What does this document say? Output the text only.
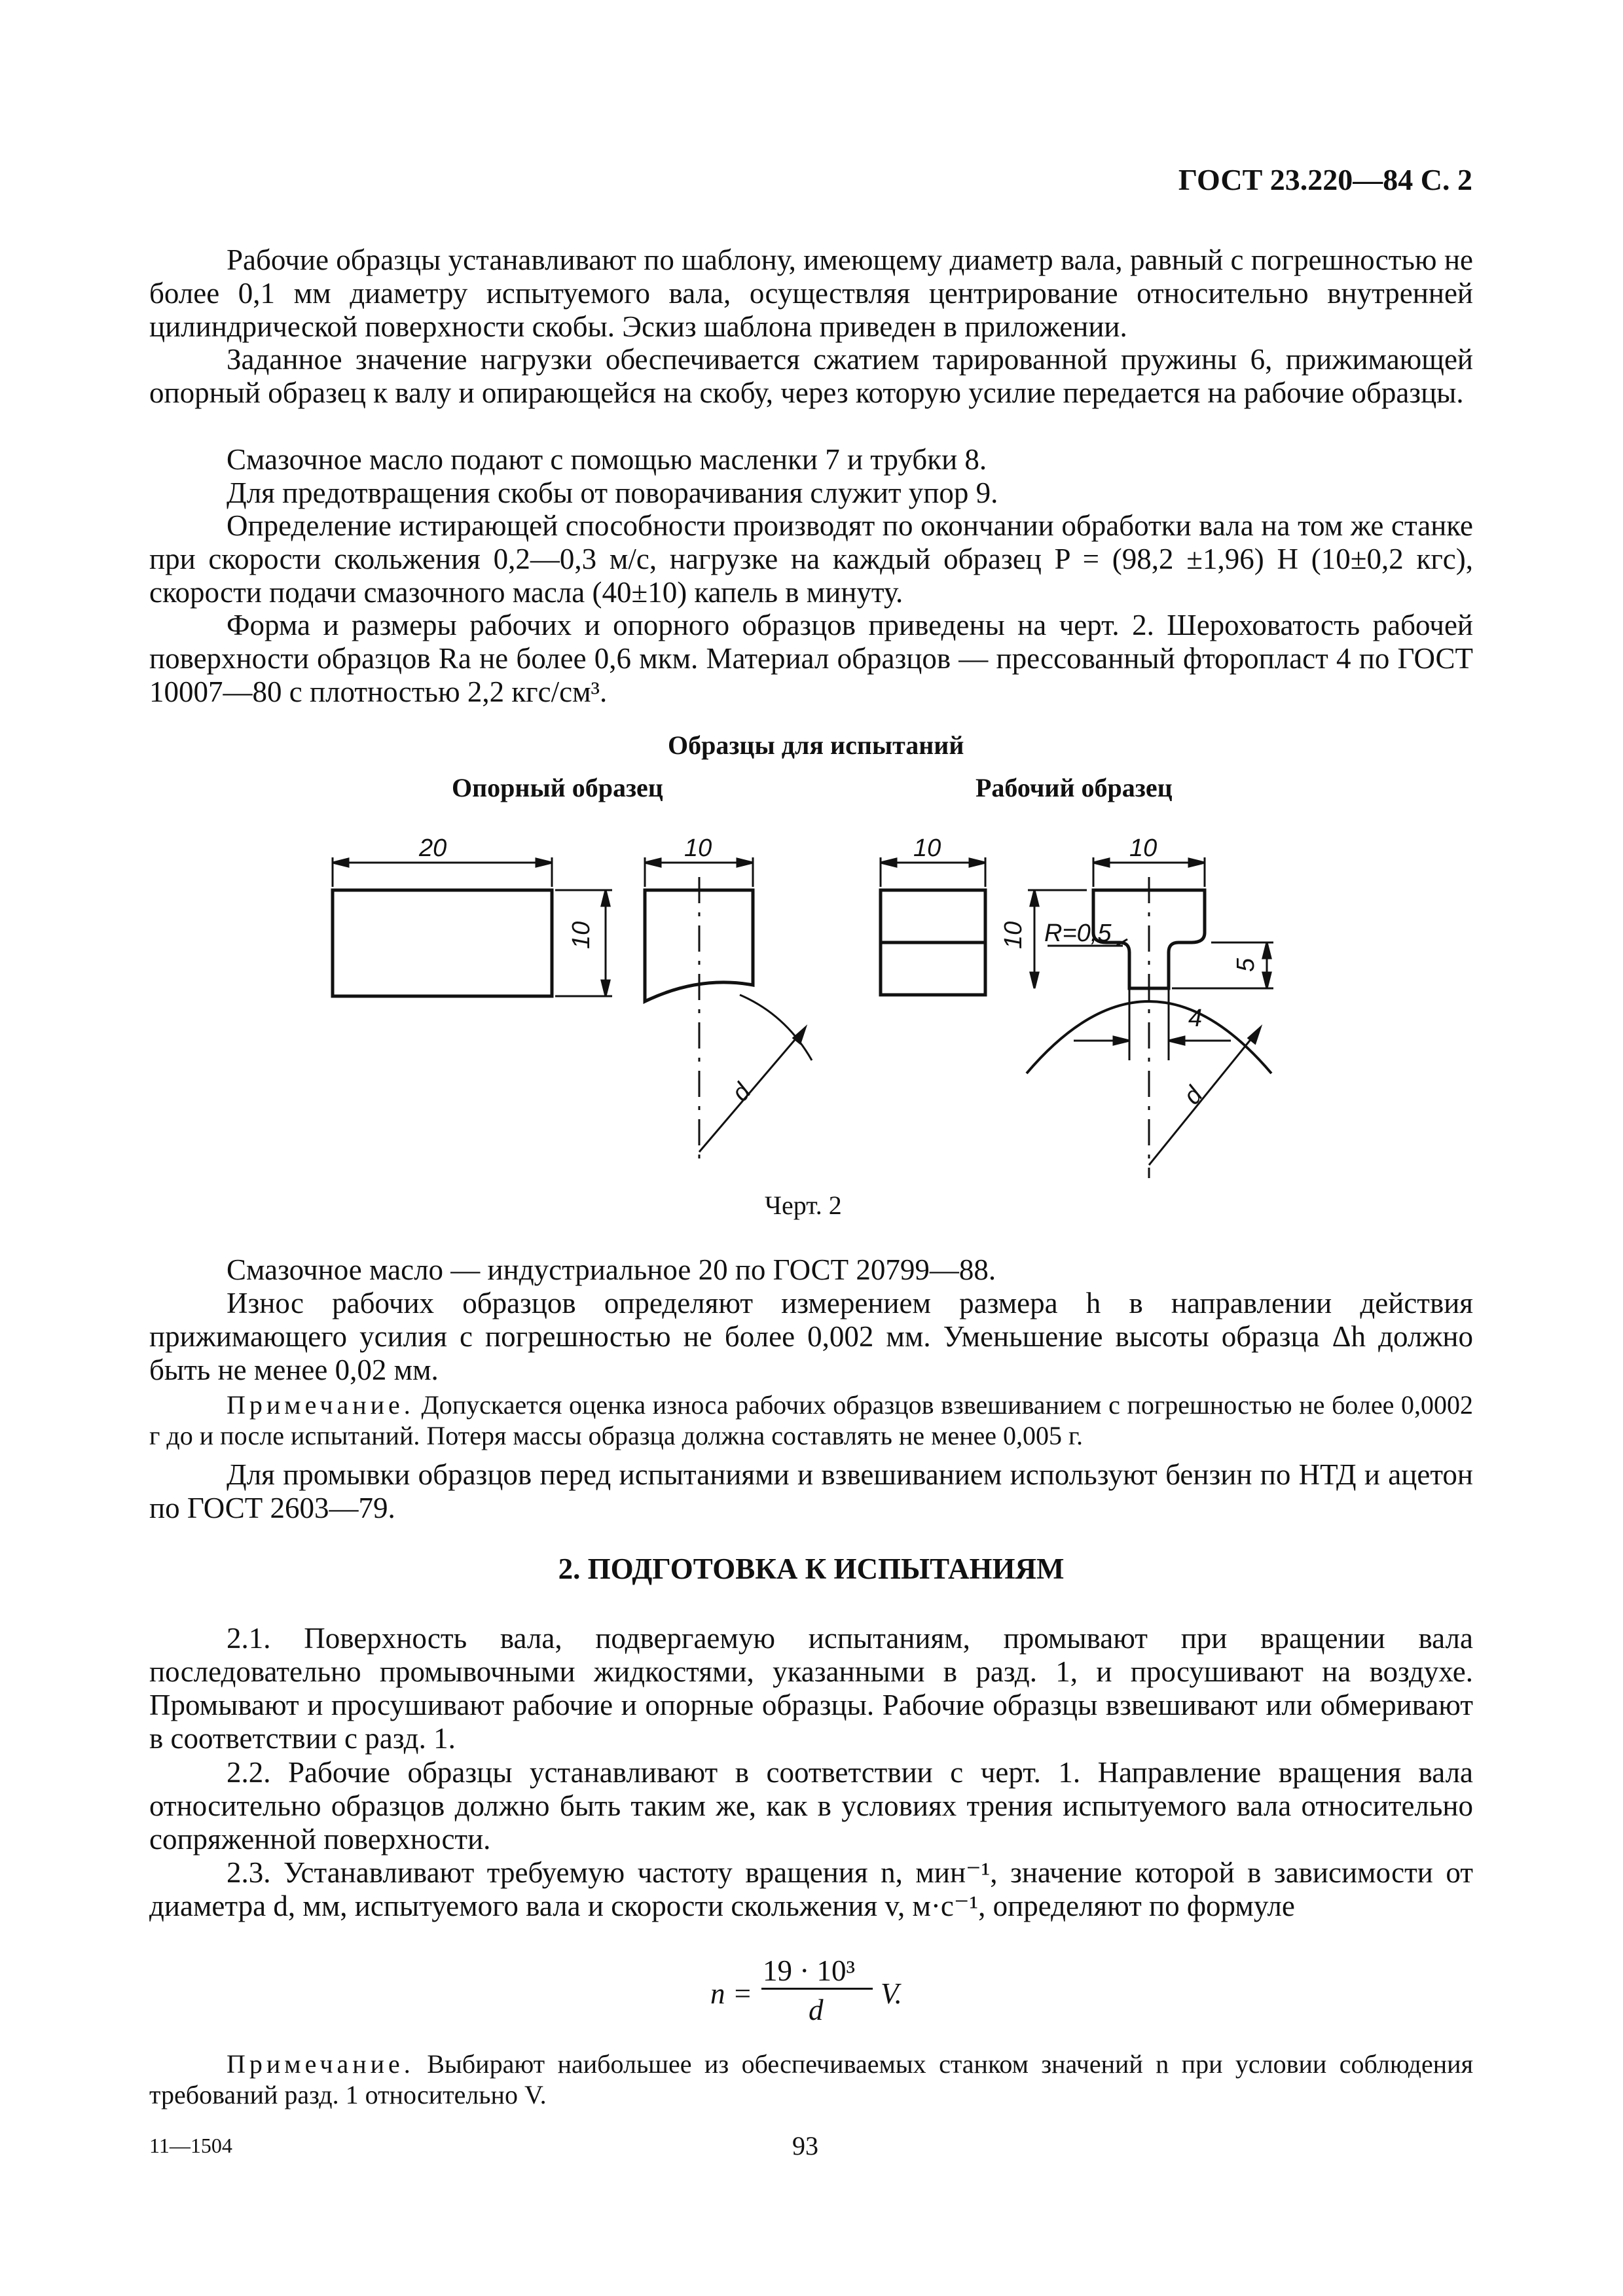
ГОСТ 23.220—84 С. 2

Рабочие образцы устанавливают по шаблону, имеющему диаметр вала, равный с погрешностью не более 0,1 мм диаметру испытуемого вала, осуществляя центрирование относительно внутренней цилиндрической поверхности скобы. Эскиз шаблона приведен в приложении.

Заданное значение нагрузки обеспечивается сжатием тарированной пружины 6, прижимающей опорный образец к валу и опирающейся на скобу, через которую усилие передается на рабочие образцы.

Смазочное масло подают с помощью масленки 7 и трубки 8.

Для предотвращения скобы от поворачивания служит упор 9.

Определение истирающей способности производят по окончании обработки вала на том же станке при скорости скольжения 0,2—0,3 м/с, нагрузке на каждый образец P = (98,2 ±1,96) Н (10±0,2 кгс), скорости подачи смазочного масла (40±10) капель в минуту.

Форма и размеры рабочих и опорного образцов приведены на черт. 2. Шероховатость рабочей поверхности образцов Ra не более 0,6 мкм. Материал образцов — прессованный фторопласт 4 по ГОСТ 10007—80 с плотностью 2,2 кгс/см³.

Образцы для испытаний
Опорный образец	Рабочий образец
20	10	10	10
10	10 R=0,5
5
4
d	d
Черт. 2

Смазочное масло — индустриальное 20 по ГОСТ 20799—88.

Износ рабочих образцов определяют измерением размера h в направлении действия прижимающего усилия с погрешностью не более 0,002 мм. Уменьшение высоты образца Δh должно быть не менее 0,02 мм.

Примечание. Допускается оценка износа рабочих образцов взвешиванием с погрешностью не более 0,0002 г до и после испытаний. Потеря массы образца должна составлять не менее 0,005 г.

Для промывки образцов перед испытаниями и взвешиванием используют бензин по НТД и ацетон по ГОСТ 2603—79.

2. ПОДГОТОВКА К ИСПЫТАНИЯМ

2.1. Поверхность вала, подвергаемую испытаниям, промывают при вращении вала последовательно промывочными жидкостями, указанными в разд. 1, и просушивают на воздухе. Промывают и просушивают рабочие и опорные образцы. Рабочие образцы взвешивают или обмеривают в соответствии с разд. 1.

2.2. Рабочие образцы устанавливают в соответствии с черт. 1. Направление вращения вала относительно образцов должно быть таким же, как в условиях трения испытуемого вала относительно сопряженной поверхности.

2.3. Устанавливают требуемую частоту вращения n, мин⁻¹, значение которой в зависимости от диаметра d, мм, испытуемого вала и скорости скольжения v, м·с⁻¹, определяют по формуле

n =
19 · 10³
d V.

Примечание. Выбирают наибольшее из обеспечиваемых станком значений n при условии соблюдения требований разд. 1 относительно V.

11—1504	93
